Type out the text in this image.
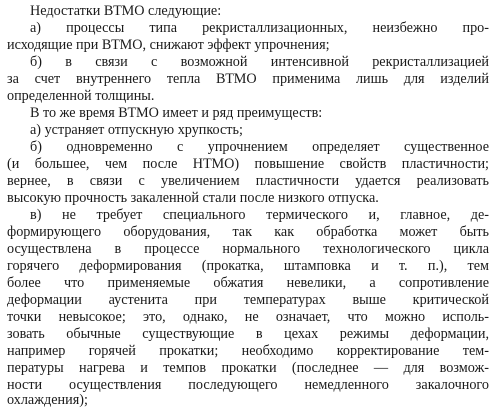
Недостатки ВТМО следующие:
а) процессы типа рекристаллизационных, неизбежно про-
исходящие при ВТМО, снижают эффект упрочнения;
б) в связи с возможной интенсивной рекристаллизацией
за счет внутреннего тепла ВТМО применима лишь для изделий
определенной толщины.
В то же время ВТМО имеет и ряд преимуществ:
а) устраняет отпускную хрупкость;
б) одновременно с упрочнением определяет существенное
(и большее, чем после НТМО) повышение свойств пластичности;
вернее, в связи с увеличением пластичности удается реализовать
высокую прочность закаленной стали после низкого отпуска.
в) не требует специального термического и, главное, де-
формирующего оборудования, так как обработка может быть
осуществлена в процессе нормального технологического цикла
горячего деформирования (прокатка, штамповка и т. п.), тем
более что применяемые обжатия невелики, а сопротивление
деформации аустенита при температурах выше критической
точки невысокое; это, однако, не означает, что можно исполь-
зовать обычные существующие в цехах режимы деформации,
например горячей прокатки; необходимо корректирование тем-
пературы нагрева и темпов прокатки (последнее — для возмож-
ности осуществления последующего немедленного закалочного
охлаждения);
